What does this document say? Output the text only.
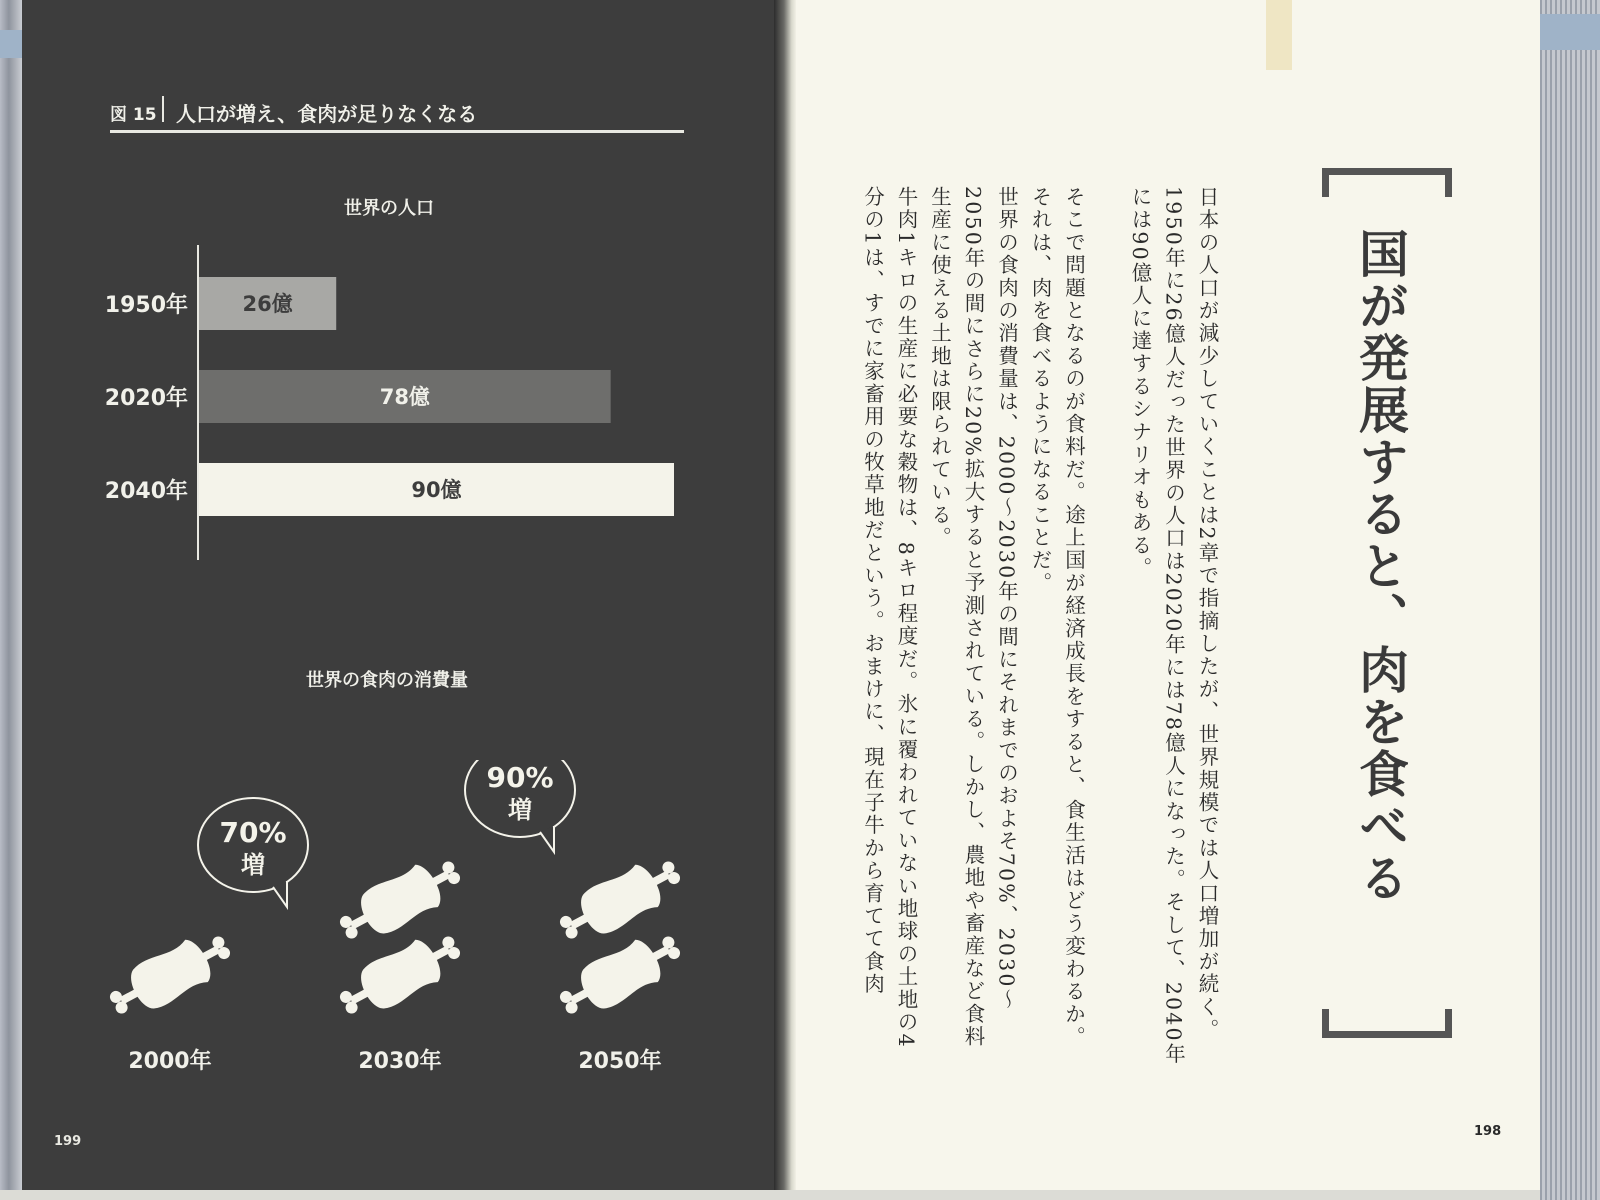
図 15 人口が増え、食肉が足りなくなる
世界の人口
1950年	26億
2020年	78億
2040年	90億
世界の食肉の消費量
2000年	2030年	2050年
70%
増
90%
増
199
198
国が発展すると、肉を食べる

日本の人口が減少していくことは2章で指摘したが、世界規模では人口増加が続く。1950年に26億人だった世界の人口は2020年には78億人になった。そして、2040年には90億人に達するシナリオもある。

そこで問題となるのが食料だ。途上国が経済成長をすると、食生活はどう変わるか。それは、肉を食べるようになることだ。

世界の食肉の消費量は、2000〜2030年の間にそれまでのおよそ70%、2030〜2050年の間にさらに20%拡大すると予測されている。しかし、農地や畜産など食料生産に使える土地は限られている。

牛肉1キロの生産に必要な穀物は、8キロ程度だ。氷に覆われていない地球の土地の4分の1は、すでに家畜用の牧草地だという。おまけに、現在子牛から育てて食肉
